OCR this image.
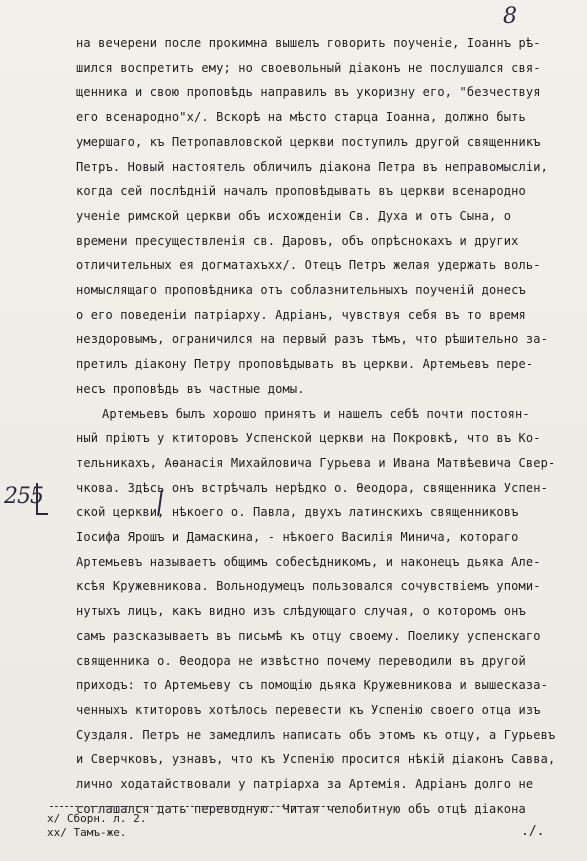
8
255
на вечерени после прокимна вышелъ говорить поученіе, Іоаннъ рѣ-
шился воспретить ему; но своевольный діаконъ не послушался свя-
щенника и свою проповѣдь направилъ въ укоризну его, "безчествуя
его всенародно"x/. Вскорѣ на мѣсто старца Іоанна, должно быть
умершаго, къ Петропавловской церкви поступилъ другой священникъ
Петръ. Новый настоятель обличилъ діакона Петра въ неправомыслiи,
когда сей послѣднiй началъ проповѣдывать въ церкви всенародно
ученіе римской церкви объ исхожденіи Св. Духа и отъ Сына, о
времени пресуществленія св. Даровъ, объ опрѣснокахъ и других
отличительных ея догматахъxx/. Отецъ Петръ желая удержать воль-
номыслящаго проповѣдника отъ соблазнительныхъ поученiй донесъ
о его поведеніи патріарху. Адріанъ, чувствуя себя въ то время
нездоровымъ, ограничился на первый разъ тѣмъ, что рѣшительно за-
претилъ діакону Петру проповѣдывать въ церкви. Артемьевъ пере-
несъ проповѣдь въ частные домы.
Артемьевъ былъ хорошо принятъ и нашелъ себѣ почти постоян-
ный пріютъ у ктиторовъ Успенской церкви на Покровкѣ, что въ Ко-
тельникахъ, Аѳанасія Михайловича Гурьева и Ивана Матвѣевича Свер-
чкова. Здѣсь онъ встрѣчалъ нерѣдко о. Ѳеодора, священника Успен-
ской церкви, нѣкоего о. Павла, двухъ латинскихъ священниковъ
Іосифа Ярошъ и Дамаскина, - нѣкоего Василія Минича, котораго
Артемьевъ называетъ общимъ собесѣдникомъ, и наконецъ дьяка Але-
ксѣя Кружевникова. Вольнодумецъ пользовался сочувствіемъ упоми-
нутыхъ лицъ, какъ видно изъ слѣдующаго случая, о которомъ онъ
самъ разсказываетъ въ письмѣ къ отцу своему. Поелику успенскаго
священника о. Ѳеодора не извѣстно почему переводили въ другой
приходъ: то Артемьеву съ помощію дьяка Кружевникова и вышесказа-
ченныхъ ктиторовъ хотѣлось перевести къ Успенію своего отца изъ
Суздаля. Петръ не замедлилъ написать объ этомъ къ отцу, а Гурьевъ
и Сверчковъ, узнавъ, что къ Успенію просится нѣкiй діаконъ Савва,
лично ходатайствовали у патріарха за Артемія. Адріанъ долго не
соглашался дать переводную. Читая челобитную объ отцѣ діакона
x/ Сборн. л. 2.
xx/ Тамъ-же.	./.
